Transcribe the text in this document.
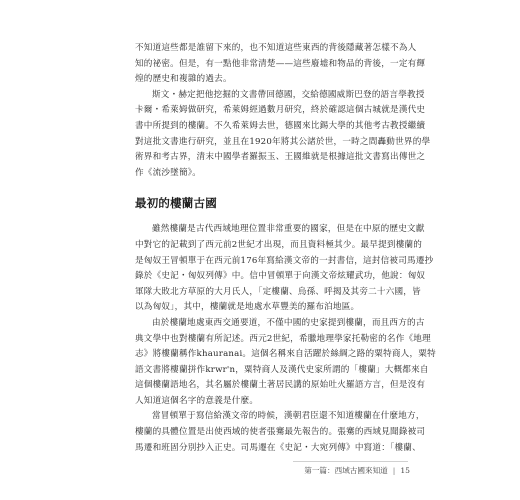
不知道這些都是誰留下來的，也不知道這些東西的背後隱藏著怎樣不為人
知的祕密。但是，有一點他非常清楚——這些廢墟和物品的背後，一定有輝
煌的歷史和複雜的過去。
斯文・赫定把他挖掘的文書帶回德國，交給德國威斯巴登的語言學教授
卡爾・希萊姆做研究，希萊姆經過數月研究，終於確認這個古城就是漢代史
書中所提到的樓蘭。不久希萊姆去世，德國來比錫大學的其他考古教授繼續
對這批文書進行研究，並且在1920年將其公諸於世，一時之間轟動世界的學
術界和考古界，清末中國學者羅振玉、王國維就是根據這批文書寫出傳世之
作《流沙墜簡》。
最初的樓蘭古國
雖然樓蘭是古代西域地理位置非常重要的國家，但是在中原的歷史文獻
中對它的記載到了西元前2世紀才出現，而且資料極其少。最早提到樓蘭的
是匈奴王冒頓單于在西元前176年寫給漢文帝的一封書信，這封信被司馬遷抄
錄於《史記・匈奴列傳》中。信中冒頓單于向漢文帝炫耀武功，他說：匈奴
軍隊大敗北方草原的大月氏人，「定樓蘭、烏孫、呼揭及其旁二十六國，皆
以為匈奴」，其中，樓蘭就是地處水草豐美的羅布泊地區。
由於樓蘭地處東西交通要道，不僅中國的史家提到樓蘭，而且西方的古
典文學中也對樓蘭有所記述。西元2世紀，希臘地理學家托勒密的名作《地理
志》將樓蘭稱作khauranai。這個名稱來自活躍於絲綢之路的粟特商人，粟特
語文書將樓蘭拼作krwr'n，粟特商人及漢代史家所謂的「樓蘭」大概都來自
這個樓蘭語地名，其名屬於樓蘭土著居民講的原始吐火羅語方言，但是沒有
人知道這個名字的意義是什麼。
當冒頓單于寫信給漢文帝的時候，漢朝君臣還不知道樓蘭在什麼地方，
樓蘭的具體位置是出使西域的使者張騫最先報告的。張騫的西域見聞錄被司
馬遷和班固分別抄入正史。司馬遷在《史記・大宛列傳》中寫道：「樓蘭、
第一篇：西域古國來知道 | 15
